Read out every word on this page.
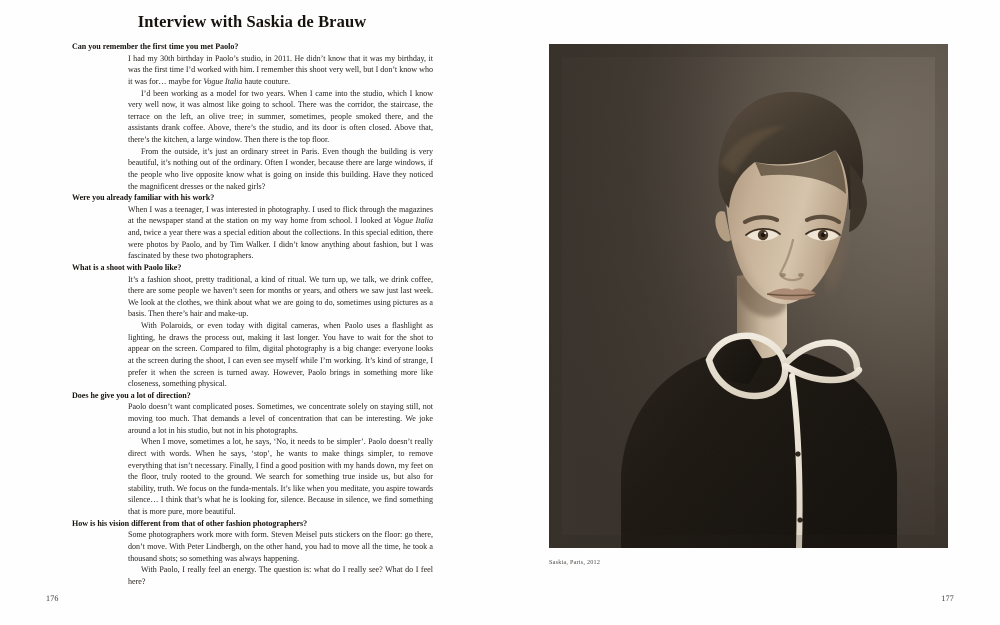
Interview with Saskia de Brauw

Can you remember the first time you met Paolo?

I had my 30th birthday in Paolo’s studio, in 2011. He didn’t know that it was my birthday, it was the first time I’d worked with him. I remember this shoot very well, but I don’t know who it was for… maybe for Vogue Italia haute couture.

I’d been working as a model for two years. When I came into the studio, which I know very well now, it was almost like going to school. There was the corridor, the staircase, the terrace on the left, an olive tree; in summer, sometimes, people smoked there, and the assistants drank coffee. Above, there’s the studio, and its door is often closed. Above that, there’s the kitchen, a large window. Then there is the top floor.

From the outside, it’s just an ordinary street in Paris. Even though the building is very beautiful, it’s nothing out of the ordinary. Often I wonder, because there are large windows, if the people who live opposite know what is going on inside this building. Have they noticed the magnificent dresses or the naked girls?

Were you already familiar with his work?

When I was a teenager, I was interested in photography. I used to flick through the magazines at the newspaper stand at the station on my way home from school. I looked at Vogue Italia and, twice a year there was a special edition about the collections. In this special edition, there were photos by Paolo, and by Tim Walker. I didn’t know anything about fashion, but I was fascinated by these two photographers.

What is a shoot with Paolo like?

It’s a fashion shoot, pretty traditional, a kind of ritual. We turn up, we talk, we drink coffee, there are some people we haven’t seen for months or years, and others we saw just last week. We look at the clothes, we think about what we are going to do, sometimes using pictures as a basis. Then there’s hair and make-up.

With Polaroids, or even today with digital cameras, when Paolo uses a flashlight as lighting, he draws the process out, making it last longer. You have to wait for the shot to appear on the screen. Compared to film, digital photography is a big change: everyone looks at the screen during the shoot, I can even see myself while I’m working. It’s kind of strange, I prefer it when the screen is turned away. However, Paolo brings in something more like closeness, something physical.

Does he give you a lot of direction?

Paolo doesn’t want complicated poses. Sometimes, we concentrate solely on staying still, not moving too much. That demands a level of concentration that can be interesting. We joke around a lot in his studio, but not in his photographs.

When I move, sometimes a lot, he says, ‘No, it needs to be simpler’. Paolo doesn’t really direct with words. When he says, ‘stop’, he wants to make things simpler, to remove everything that isn’t necessary. Finally, I find a good position with my hands down, my feet on the floor, truly rooted to the ground. We search for something true inside us, but also for stability, truth. We focus on the funda-mentals. It’s like when you meditate, you aspire towards silence… I think that’s what he is looking for, silence. Because in silence, we find something that is more pure, more beautiful.

How is his vision different from that of other fashion photographers?

Some photographers work more with form. Steven Meisel puts stickers on the floor: go there, don’t move. With Peter Lindbergh, on the other hand, you had to move all the time, he took a thousand shots; so something was always happening.

With Paolo, I really feel an energy. The question is: what do I really see? What do I feel here?

176
Saskia, Paris, 2012
177
